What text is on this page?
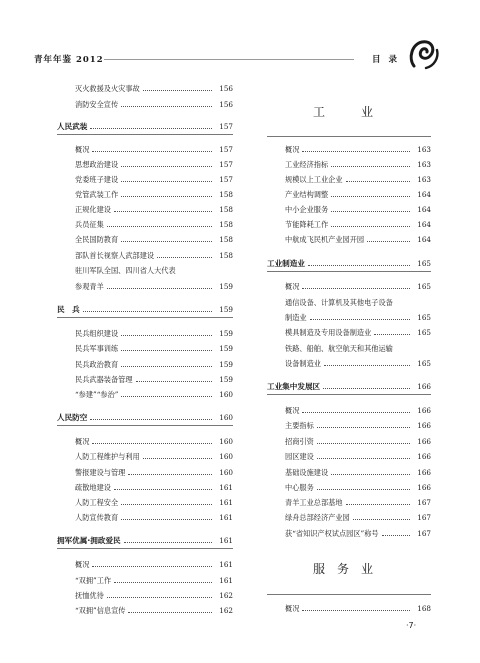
青年年鉴 2012	目录
灭火救援及火灾事故	156
消防安全宣传	156
人民武装	157
概况	157
思想政治建设	157
党委班子建设	157
党管武装工作	158
正规化建设	158
兵员征集	158
全民国防教育	158
部队首长视察人武部建设	158
驻川军队全国、四川省人大代表
参观青羊	159
民　兵	159
民兵组织建设	159
民兵军事训练	159
民兵政治教育	159
民兵武器装备管理	159
“参建”“参治”	160
人民防空	160
概况	160
人防工程维护与利用	160
警报建设与管理	160
疏散地建设	161
人防工程安全	161
人防宣传教育	161
拥军优属·拥政爱民	161
概况	161
“双拥”工作	161
抚恤优待	162
“双拥”信息宣传	162
工　业
概况	163
工业经济指标	163
规模以上工业企业	163
产业结构调整	164
中小企业服务	164
节能降耗工作	164
中航成飞民机产业园开园	164
工业制造业	165
概况	165
通信设备、计算机及其他电子设备
制造业	165
模具制造及专用设备制造业	165
铁路、船舶、航空航天和其他运输
设备制造业	165
工业集中发展区	166
概况	166
主要指标	166
招商引资	166
园区建设	166
基础设施建设	166
中心服务	166
青羊工业总部基地	167
绿舟总部经济产业园	167
获“省知识产权试点园区”称号	167
服务业
概况	168
·7·
